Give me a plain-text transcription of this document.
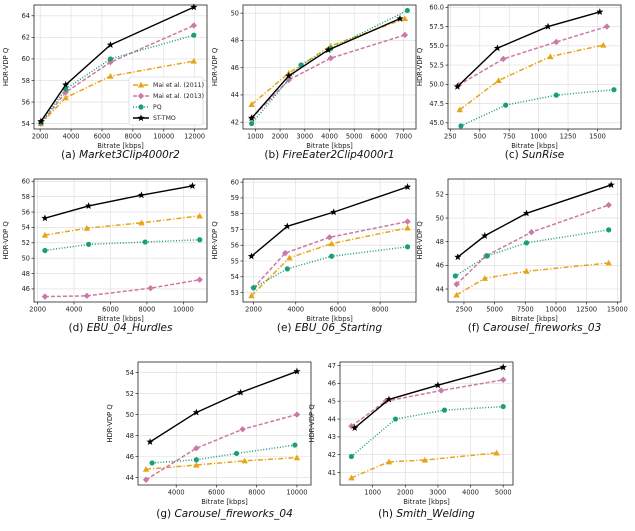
2000 4000 6000 8000 10000 12000
54
56
58
60
62
64
Bitrate [kbps]
HDR-VDP Q	Mai et al. (2011)
Mai et al. (2013)
PQ
ST-TMO
(a) Market3Clip4000r2
1000 2000 3000 4000 5000 6000 7000
42
44
46
48
50
Bitrate [kbps]
HDR-VDP Q
(b) FireEater2Clip4000r1
250	500	750 1000 1250 1500
45.0
47.5
50.0
52.5
55.0
57.5
60.0
Bitrate [kbps]
HDR-VDP Q
(c) SunRise
2000	4000	6000	8000	10000
46
48
50
52
54
56
58
60
Bitrate [kbps]
HDR-VDP Q
(d) EBU_04_Hurdles
2000	4000	6000	8000
53
54
55
56
57
58
59
60
Bitrate [kbps]
HDR-VDP Q
(e) EBU_06_Starting
2500 5000 7500 10000 12500 15000
44
46
48
50
52
Bitrate [kbps]
HDR-VDP Q
(f) Carousel_fireworks_03
4000	6000	8000	10000
44
46
48
50
52
54
Bitrate [kbps]
HDR-VDP Q
(g) Carousel_fireworks_04
1000 2000 3000 4000 5000
41
42
43
44
45
46
47
Bitrate [kbps]
HDR-VDP Q
(h) Smith_Welding
